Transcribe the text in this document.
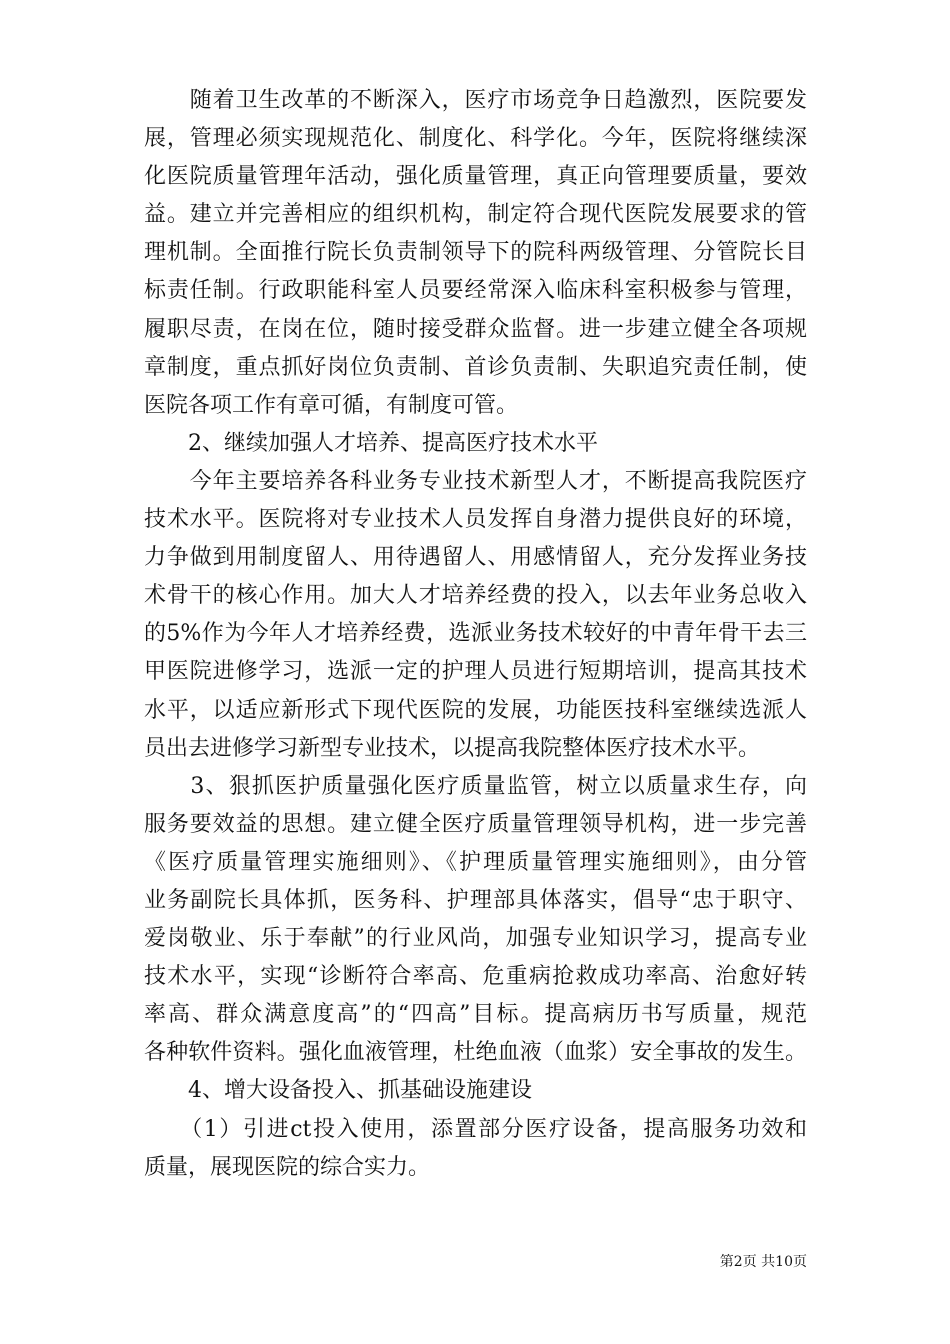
　　随着卫生改革的不断深入，医疗市场竞争日趋激烈，医院要发
展，管理必须实现规范化、制度化、科学化。今年，医院将继续深
化医院质量管理年活动，强化质量管理，真正向管理要质量，要效
益。建立并完善相应的组织机构，制定符合现代医院发展要求的管
理机制。全面推行院长负责制领导下的院科两级管理、分管院长目
标责任制。行政职能科室人员要经常深入临床科室积极参与管理，
履职尽责，在岗在位，随时接受群众监督。进一步建立健全各项规
章制度，重点抓好岗位负责制、首诊负责制、失职追究责任制，使
医院各项工作有章可循，有制度可管。
　　2、继续加强人才培养、提高医疗技术水平
　　今年主要培养各科业务专业技术新型人才，不断提高我院医疗
技术水平。医院将对专业技术人员发挥自身潜力提供良好的环境，
力争做到用制度留人、用待遇留人、用感情留人，充分发挥业务技
术骨干的核心作用。加大人才培养经费的投入，以去年业务总收入
的5%作为今年人才培养经费，选派业务技术较好的中青年骨干去三
甲医院进修学习，选派一定的护理人员进行短期培训，提高其技术
水平，以适应新形式下现代医院的发展，功能医技科室继续选派人
员出去进修学习新型专业技术，以提高我院整体医疗技术水平。
　　3、狠抓医护质量强化医疗质量监管，树立以质量求生存，向
服务要效益的思想。建立健全医疗质量管理领导机构，进一步完善
《医疗质量管理实施细则》、《护理质量管理实施细则》，由分管
业务副院长具体抓，医务科、护理部具体落实，倡导“忠于职守、
爱岗敬业、乐于奉献”的行业风尚，加强专业知识学习，提高专业
技术水平，实现“诊断符合率高、危重病抢救成功率高、治愈好转
率高、群众满意度高”的“四高”目标。提高病历书写质量，规范
各种软件资料。强化血液管理，杜绝血液（血浆）安全事故的发生。
　　4、增大设备投入、抓基础设施建设
　　（1）引进ct投入使用，添置部分医疗设备，提高服务功效和
质量，展现医院的综合实力。
第2页 共10页
